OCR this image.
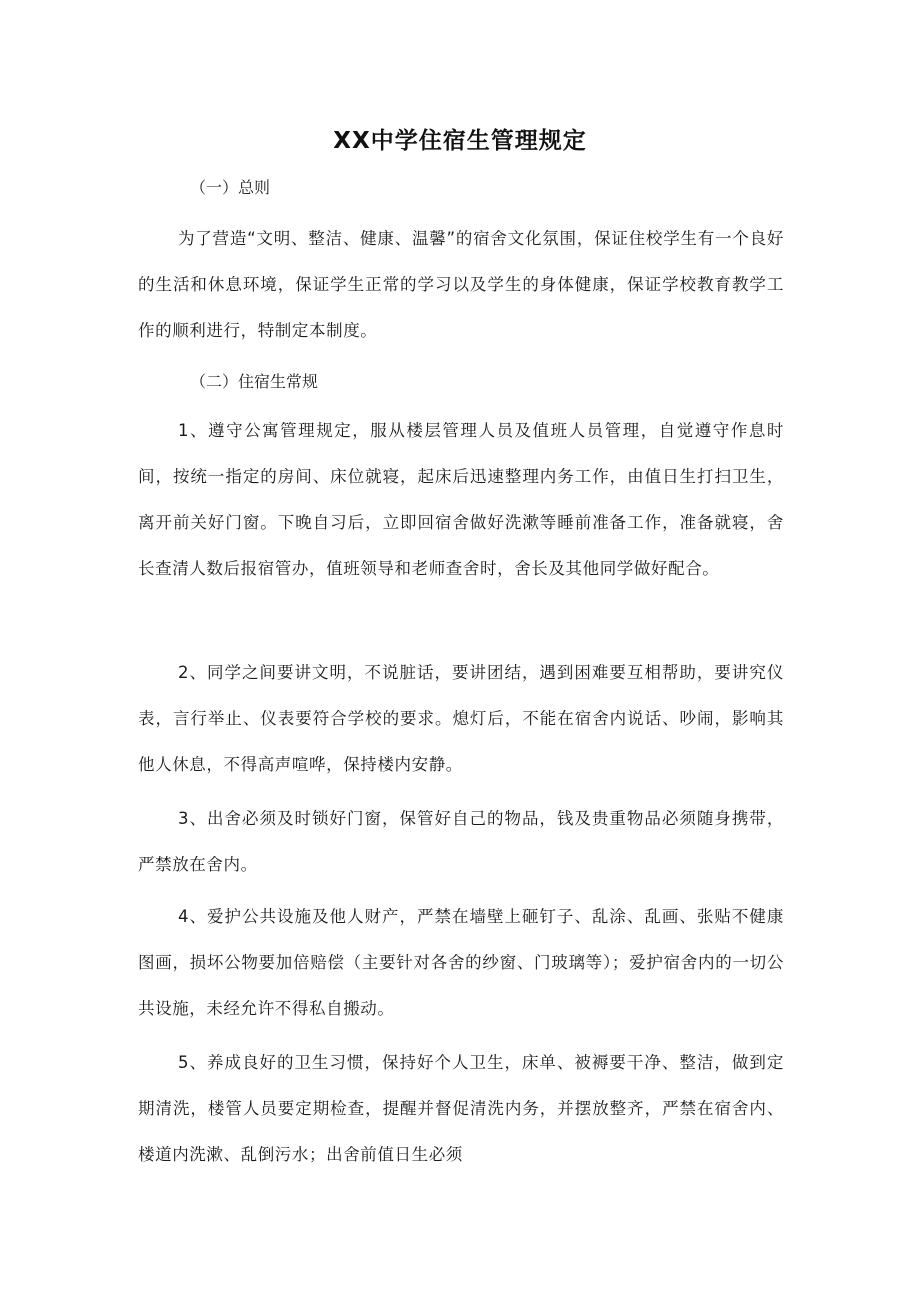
XX中学住宿生管理规定

（一）总则

为了营造“文明、整洁、健康、温馨”的宿舍文化氛围，保证住校学生有一个良好的生活和休息环境，保证学生正常的学习以及学生的身体健康，保证学校教育教学工作的顺利进行，特制定本制度。

（二）住宿生常规

1、遵守公寓管理规定，服从楼层管理人员及值班人员管理，自觉遵守作息时间，按统一指定的房间、床位就寝，起床后迅速整理内务工作，由值日生打扫卫生，离开前关好门窗。下晚自习后，立即回宿舍做好洗漱等睡前准备工作，准备就寝，舍长查清人数后报宿管办，值班领导和老师查舍时，舍长及其他同学做好配合。

2、同学之间要讲文明，不说脏话，要讲团结，遇到困难要互相帮助，要讲究仪表，言行举止、仪表要符合学校的要求。熄灯后，不能在宿舍内说话、吵闹，影响其他人休息，不得高声喧哗，保持楼内安静。

3、出舍必须及时锁好门窗，保管好自己的物品，钱及贵重物品必须随身携带，严禁放在舍内。

4、爱护公共设施及他人财产，严禁在墙壁上砸钉子、乱涂、乱画、张贴不健康图画，损坏公物要加倍赔偿（主要针对各舍的纱窗、门玻璃等）；爱护宿舍内的一切公共设施，未经允许不得私自搬动。

5、养成良好的卫生习惯，保持好个人卫生，床单、被褥要干净、整洁，做到定期清洗，楼管人员要定期检查，提醒并督促清洗内务，并摆放整齐，严禁在宿舍内、楼道内洗漱、乱倒污水；出舍前值日生必须
